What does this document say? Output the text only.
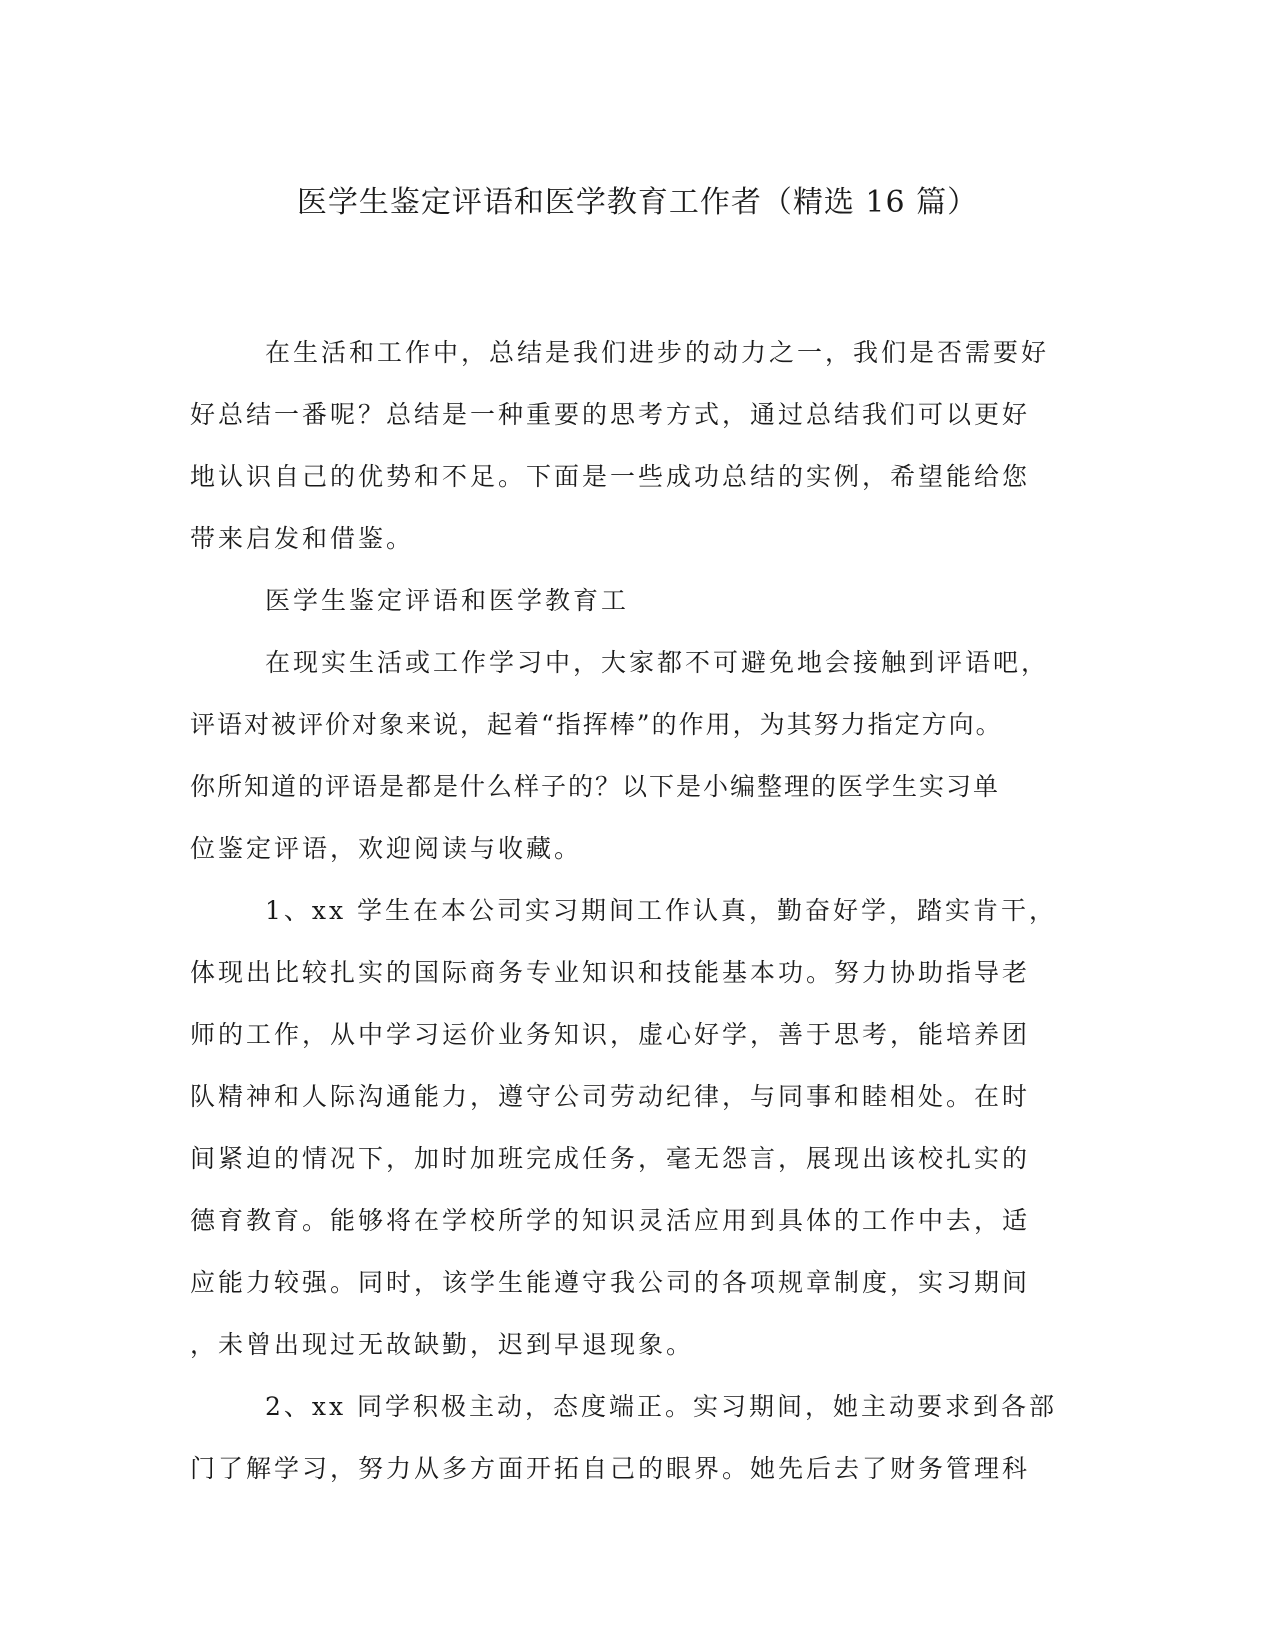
医学生鉴定评语和医学教育工作者（精选 16 篇）
在生活和工作中，总结是我们进步的动力之一，我们是否需要好
好总结一番呢？总结是一种重要的思考方式，通过总结我们可以更好
地认识自己的优势和不足。下面是一些成功总结的实例，希望能给您
带来启发和借鉴。
医学生鉴定评语和医学教育工
在现实生活或工作学习中，大家都不可避免地会接触到评语吧，
评语对被评价对象来说，起着“指挥棒”的作用，为其努力指定方向。
你所知道的评语是都是什么样子的？以下是小编整理的医学生实习单
位鉴定评语，欢迎阅读与收藏。
1、xx 学生在本公司实习期间工作认真，勤奋好学，踏实肯干，
体现出比较扎实的国际商务专业知识和技能基本功。努力协助指导老
师的工作，从中学习运价业务知识，虚心好学，善于思考，能培养团
队精神和人际沟通能力，遵守公司劳动纪律，与同事和睦相处。在时
间紧迫的情况下，加时加班完成任务，毫无怨言，展现出该校扎实的
德育教育。能够将在学校所学的知识灵活应用到具体的工作中去，适
应能力较强。同时，该学生能遵守我公司的各项规章制度，实习期间
，未曾出现过无故缺勤，迟到早退现象。
2、xx 同学积极主动，态度端正。实习期间，她主动要求到各部
门了解学习，努力从多方面开拓自己的眼界。她先后去了财务管理科
